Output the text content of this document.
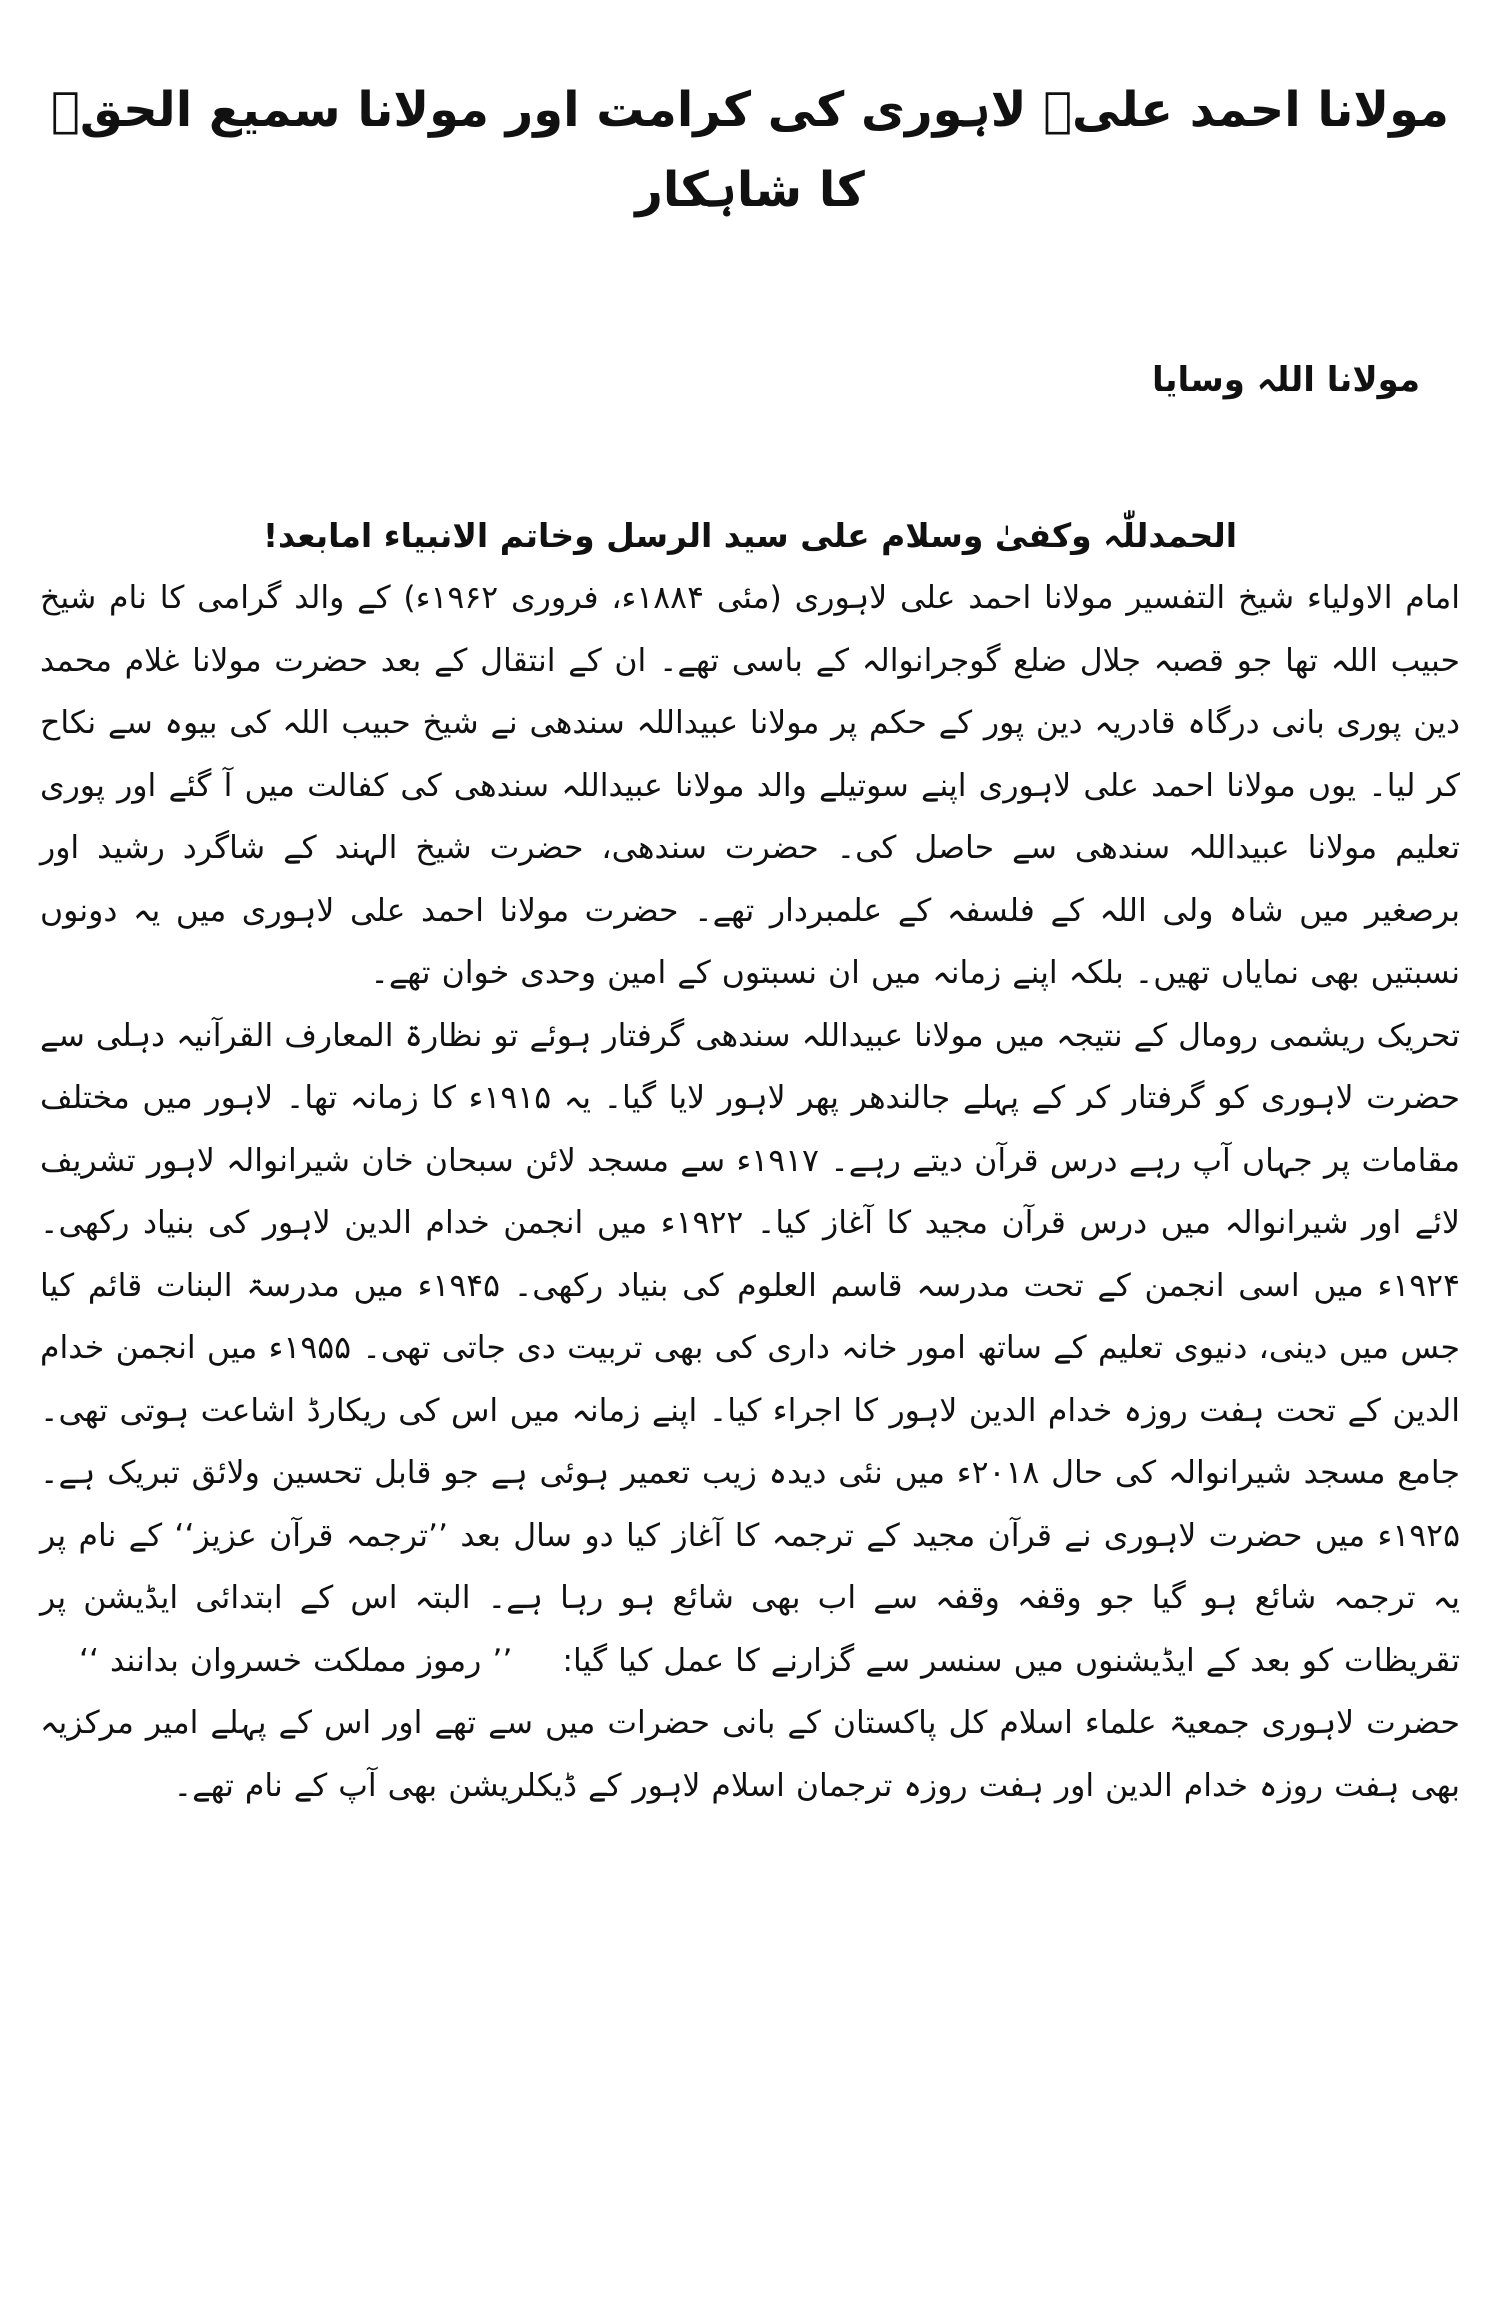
مولانا احمد علیؒ لاہوری کی کرامت اور مولانا سمیع الحقؒ کا شاہکار
مولانا اللہ وسایا
الحمدللّٰہ وکفیٰ وسلام علی سید الرسل وخاتم الانبیاء امابعد!

امام الاولیاء شیخ التفسیر مولانا احمد علی لاہوری (مئی ۱۸۸۴ء، فروری ۱۹۶۲ء) کے والد گرامی کا نام شیخ حبیب اللہ تھا جو قصبہ جلال ضلع گوجرانوالہ کے باسی تھے۔ ان کے انتقال کے بعد حضرت مولانا غلام محمد دین پوری بانی درگاہ قادریہ دین پور کے حکم پر مولانا عبیداللہ سندھی نے شیخ حبیب اللہ کی بیوہ سے نکاح کر لیا۔ یوں مولانا احمد علی لاہوری اپنے سوتیلے والد مولانا عبیداللہ سندھی کی کفالت میں آ گئے اور پوری تعلیم مولانا عبیداللہ سندھی سے حاصل کی۔ حضرت سندھی، حضرت شیخ الہند کے شاگرد رشید اور برصغیر میں شاہ ولی اللہ کے فلسفہ کے علمبردار تھے۔ حضرت مولانا احمد علی لاہوری میں یہ دونوں نسبتیں بھی نمایاں تھیں۔ بلکہ اپنے زمانہ میں ان نسبتوں کے امین وحدی خوان تھے۔

تحریک ریشمی رومال کے نتیجہ میں مولانا عبیداللہ سندھی گرفتار ہوئے تو نظارۃ المعارف القرآنیہ دہلی سے حضرت لاہوری کو گرفتار کر کے پہلے جالندھر پھر لاہور لایا گیا۔ یہ ۱۹۱۵ء کا زمانہ تھا۔ لاہور میں مختلف مقامات پر جہاں آپ رہے درس قرآن دیتے رہے۔ ۱۹۱۷ء سے مسجد لائن سبحان خان شیرانوالہ لاہور تشریف لائے اور شیرانوالہ میں درس قرآن مجید کا آغاز کیا۔ ۱۹۲۲ء میں انجمن خدام الدین لاہور کی بنیاد رکھی۔ ۱۹۲۴ء میں اسی انجمن کے تحت مدرسہ قاسم العلوم کی بنیاد رکھی۔ ۱۹۴۵ء میں مدرسۃ البنات قائم کیا جس میں دینی، دنیوی تعلیم کے ساتھ امور خانہ داری کی بھی تربیت دی جاتی تھی۔ ۱۹۵۵ء میں انجمن خدام الدین کے تحت ہفت روزہ خدام الدین لاہور کا اجراء کیا۔ اپنے زمانہ میں اس کی ریکارڈ اشاعت ہوتی تھی۔ جامع مسجد شیرانوالہ کی حال ۲۰۱۸ء میں نئی دیدہ زیب تعمیر ہوئی ہے جو قابل تحسین ولائق تبریک ہے۔ ۱۹۲۵ء میں حضرت لاہوری نے قرآن مجید کے ترجمہ کا آغاز کیا دو سال بعد ’’ترجمہ قرآن عزیز‘‘ کے نام پر یہ ترجمہ شائع ہو گیا جو وقفہ وقفہ سے اب بھی شائع ہو رہا ہے۔ البتہ اس کے ابتدائی ایڈیشن پر تقریظات کو بعد کے ایڈیشنوں میں سنسر سے گزارنے کا عمل کیا گیا:’’ رموز مملکت خسروان بدانند ‘‘

حضرت لاہوری جمعیۃ علماء اسلام کل پاکستان کے بانی حضرات میں سے تھے اور اس کے پہلے امیر مرکزیہ بھی ہفت روزہ خدام الدین اور ہفت روزہ ترجمان اسلام لاہور کے ڈیکلریشن بھی آپ کے نام تھے۔
